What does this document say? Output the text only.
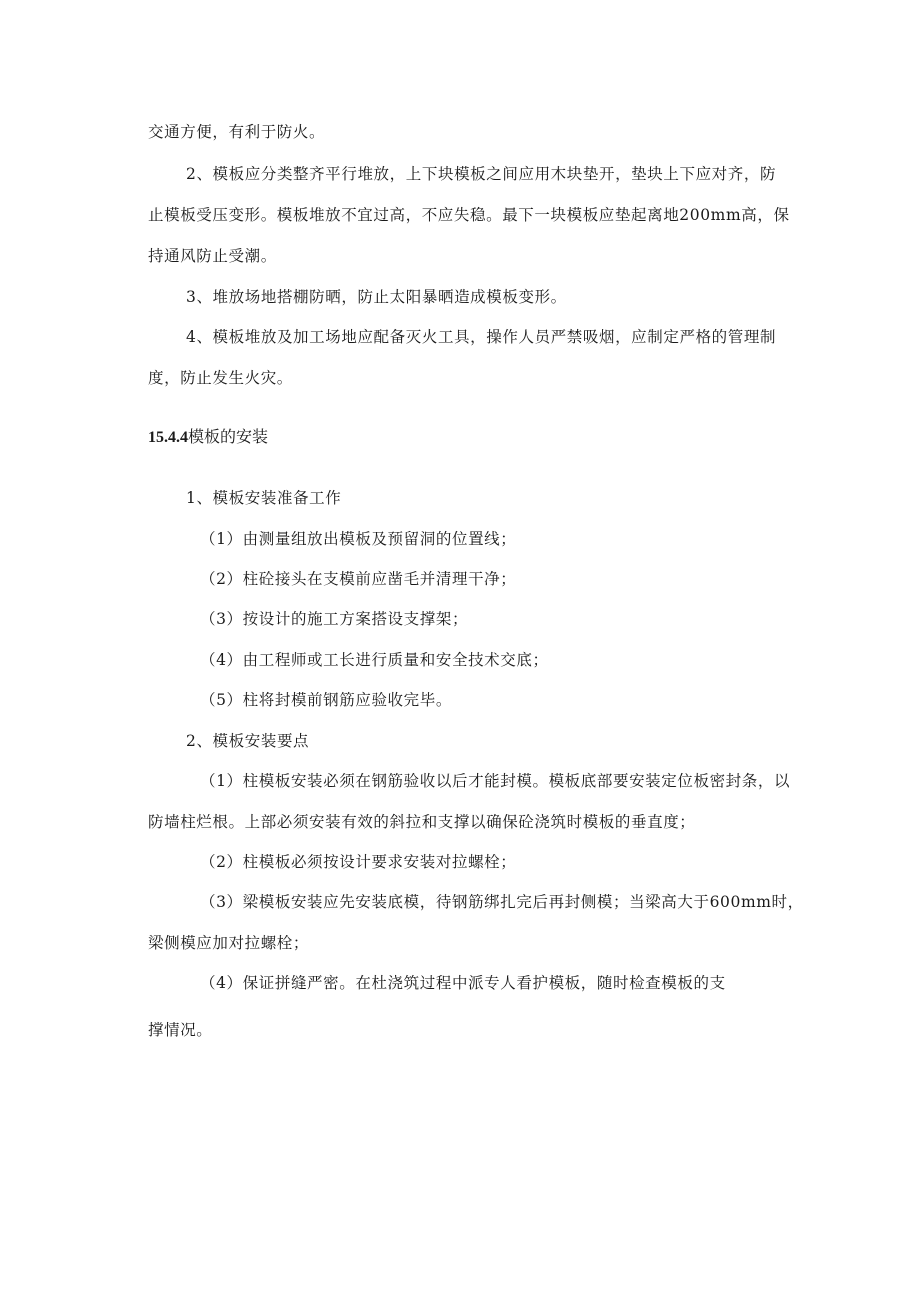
交通方便，有利于防火。
2、模板应分类整齐平行堆放，上下块模板之间应用木块垫开，垫块上下应对齐，防
止模板受压变形。模板堆放不宜过高，不应失稳。最下一块模板应垫起离地200mm高，保
持通风防止受潮。
3、堆放场地搭棚防晒，防止太阳暴晒造成模板变形。
4、模板堆放及加工场地应配备灭火工具，操作人员严禁吸烟，应制定严格的管理制
度，防止发生火灾。
15.4.4模板的安装
1、模板安装准备工作
（1）由测量组放出模板及预留洞的位置线；
（2）柱砼接头在支模前应凿毛并清理干净；
（3）按设计的施工方案搭设支撑架；
（4）由工程师或工长进行质量和安全技术交底；
（5）柱将封模前钢筋应验收完毕。
2、模板安装要点
（1）柱模板安装必须在钢筋验收以后才能封模。模板底部要安装定位板密封条，以
防墙柱烂根。上部必须安装有效的斜拉和支撑以确保砼浇筑时模板的垂直度；
（2）柱模板必须按设计要求安装对拉螺栓；
（3）梁模板安装应先安装底模，待钢筋绑扎完后再封侧模；当梁高大于600mm时，
梁侧模应加对拉螺栓；
（4）保证拼缝严密。在杜浇筑过程中派专人看护模板，随时检查模板的支
撑情况。
